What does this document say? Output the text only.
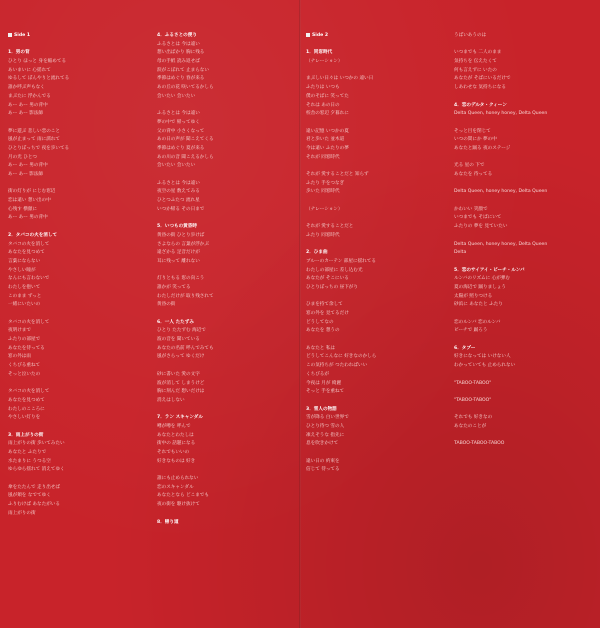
Side 1
1．男の背
ひとり ほっと 身を縮めてる
あいまいに 心揺れて
ゆるして ぼんやりと流れてる
誰か呼ぶ声もなく
まぶたに 浮かんでる
あー あー 男の背中
あー あー 影法師

夢に遊ぶ 悲しい恋のこと
風が止まって 雨に濡れて
ひとりぼっちで 夜を歩いてる
月の光 ひとつ
あー あー 男の背中
あー あー 影法師

街の灯りが にじむ窓辺
恋は遠い 想い出の中
心残す 横顔に
あー あー 男の背中
2．タバコの火を消して
タバコの火を消して
あなたを見つめて
言葉にならない
やさしい瞳が
なんにも言わないで
わたしを抱いて
このまま ずっと
一緒にいたいの

タバコの火を消して
夜明けまで
ふたりの部屋で
あなたを待ってる
窓の外は雨
くちびる重ねて
そっと泣いたの

タバコの火を消して
あなたを見つめて
わたしのこころに
やさしい灯りを
3．雨上がりの街
雨上がりの街 歩いてみたい
あなたと ふたりで
水たまりに うつる空
ゆらゆら揺れて 消えてゆく

傘をたたんで 走り出せば
風が頬を なでてゆく
ふりむけば あなたがいる
雨上がりの街
4．ふるさとの便り
ふるさとは 今は遠い
想い出ばかり 胸に残る
母の手紙 読み返せば
涙がこぼれて 止まらない
季節はめぐり 春が来る
あの丘の花 咲いてるかしら
会いたい 会いたい

ふるさとは 今は遠い
夢の中で 帰ってゆく
父の背中 小さくなって
あの日の声が 聞こえてくる
季節はめぐり 夏が来る
あの川の音 聞こえるかしら
会いたい 会いたい

ふるさとは 今は遠い
夜空の星 数えてみる
ひとつふたつ 流れ星
いつか帰る その日まで
5．いつもの黄昏時
黄昏の街 ひとり歩けば
さよならの 言葉が浮かぶ
遠ざかる 足音だけが
耳に残って 離れない

灯りともる 窓の向こう
誰かが 笑ってる
わたしだけが 取り残されて
黄昏の街
6．一人 たたずみ
ひとり たたずむ 海辺で
波の音を 聞いている
あなたの名前 呼んでみても
風がさらって ゆくだけ

砂に書いた 愛の文字
波が消して しまうけど
胸に刻んだ 想いだけは
消えはしない
7．ラン スキャンダル
噂が噂を 呼んで
あなたとわたしは
街中の 話題になる
それでもいいの
好きなものは 好き

誰にも止められない
恋のスキャンダル
あなたとなら どこまでも
夜の街を 駆け抜けて
8．帰り道
Side 2
1．同窓時代
（ナレーション）

まぶしい日々は いつかの 遠い日
ふたりは いつも
僕のそばに 笑ってた
それは あの日の
校舎の窓辺 夕暮れに

遠い記憶 いつかの夏
君と歩いた 並木道
今は遠い ふたりの夢
それが 同窓時代

それが 愛することだと 知らず
ふたり 手をつなぎ
歩いた 同窓時代

（ナレーション）

それが 愛することだと
ふたり 同窓時代
2．ひま曲
ブルーのカーテン 部屋に揺れてる
わたしの部屋に 差し込む光
あなたが そこにいる
ひとりぼっちの 昼下がり

ひまを持て余して
窓の外を 見てるだけ
どうしてなの
あなたを 想うの

あなたと 私は
どうしてこんなに 好きなのかしら
この気持ちが つたわればいい
くちびるが
今夜は 月が 綺麗
そっと 手を重ねて
3．雪人の物語
雪が降る 白い世界で
ひとり待つ 雪の人
凍えそうな 指先に
息を吹きかけて

遠い日の 約束を
信じて 待ってる
うばいあうのは

いつまでも 二人のまま
気持ちを 伝えたくて
何も言えずに いたの
あなたが そばにいるだけで
しあわせな 気持ちになる
4．恋のデルタ・クィーン
Delta Queen, honey honey, Delta Queen

そっと目を閉じて
いつの間にか 夢の中
あなたと踊る 夜のステージ

光る 星の 下で
あなたを 待ってる

Delta Queen, honey honey, Delta Queen

かわいい 笑顔で
いつまでも そばにいて
ふたりの 夢を 見ていたい

Delta Queen, honey honey, Delta Queen
Delta
5．恋のサイアイ・ビーチ・ルンバ
ルンバのリズムに 心が弾む
夏の海辺で 踊りましょう
太陽が 照りつける
砂浜に あなたと ふたり

恋のルンバ 恋のルンバ
ビーチで 踊ろう
6．タブー
好きになっては いけない人
わかっていても 止められない

"TABOO-TABOO"

"TABOO-TABOO"

それでも 好きなの
あなたのことが

TABOO-TABOO-TABOO
